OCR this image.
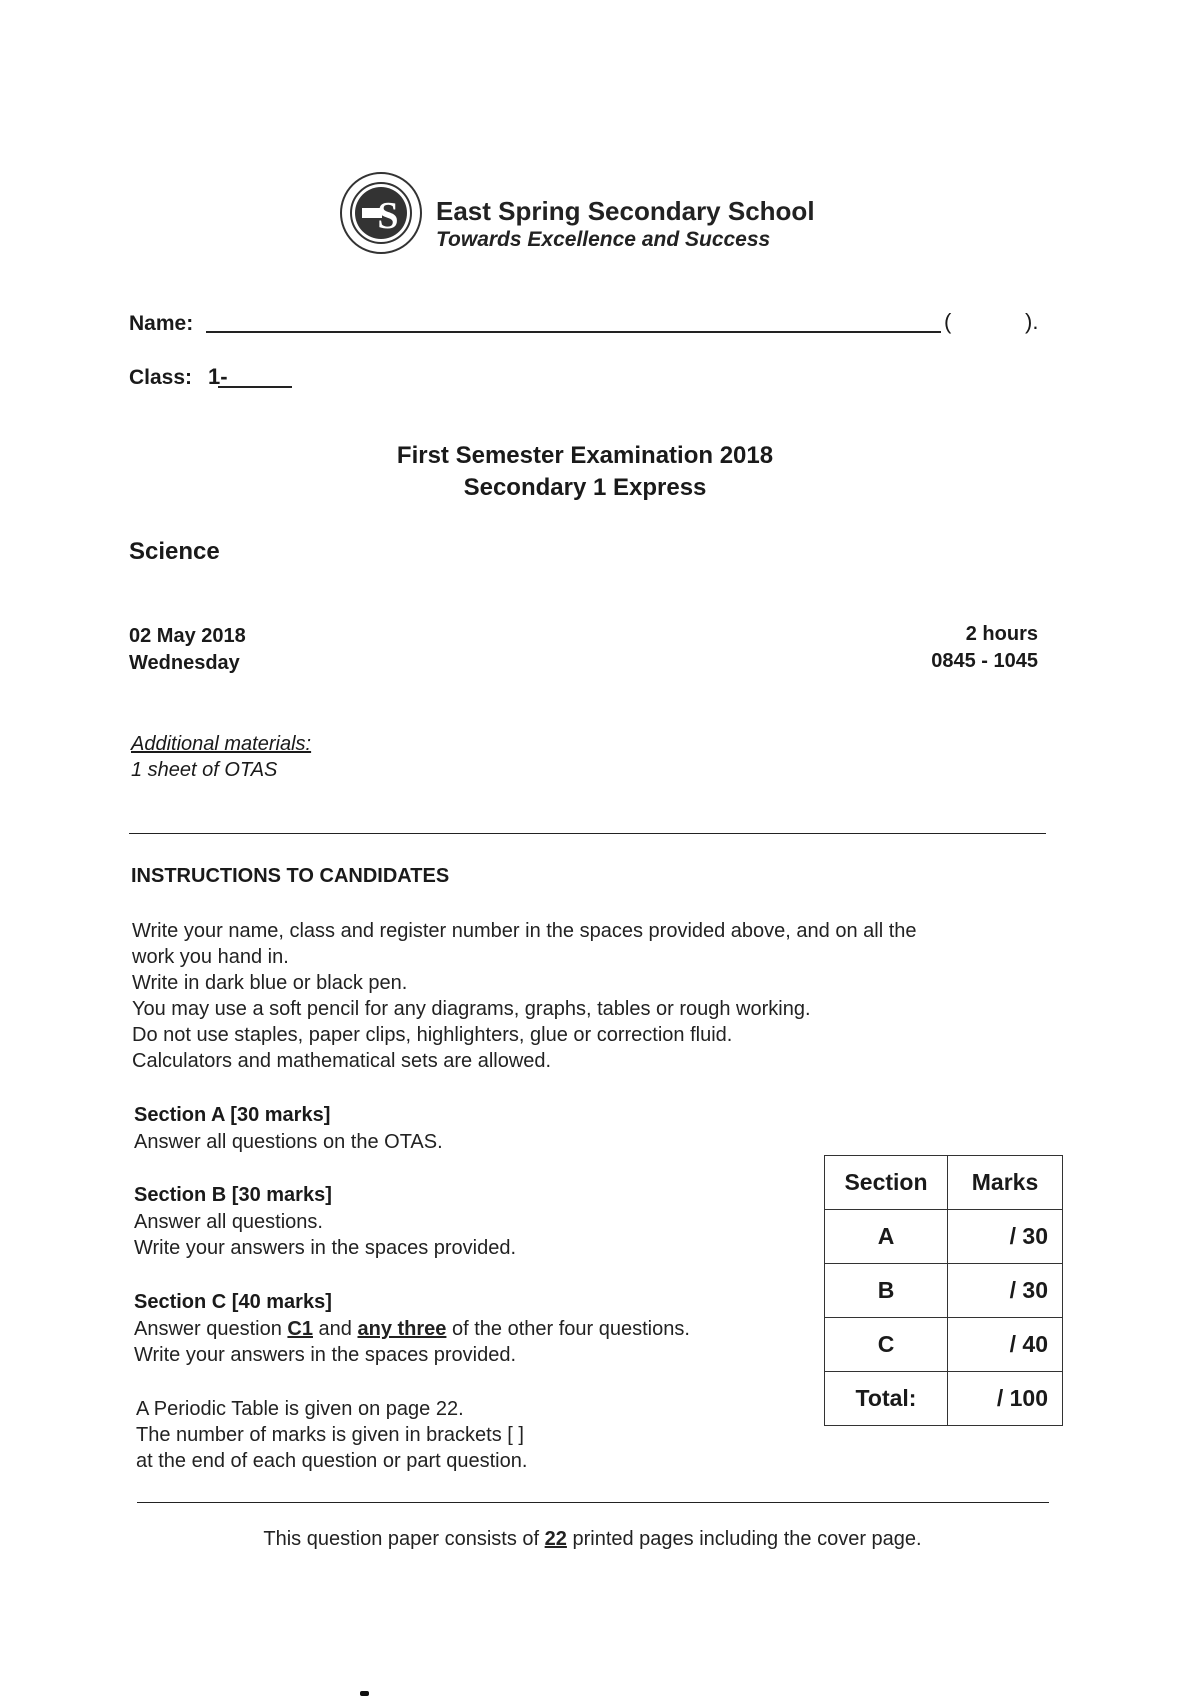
S East Spring Secondary School
Towards Excellence and Success
Name:	(	).
Class: 1-
First Semester Examination 2018
Secondary 1 Express
Science
02 May 2018
Wednesday
2 hours
0845 - 1045
Additional materials:
1 sheet of OTAS
INSTRUCTIONS TO CANDIDATES
Write your name, class and register number in the spaces provided above, and on all the
work you hand in.
Write in dark blue or black pen.
You may use a soft pencil for any diagrams, graphs, tables or rough working.
Do not use staples, paper clips, highlighters, glue or correction fluid.
Calculators and mathematical sets are allowed.
Section A [30 marks]
Answer all questions on the OTAS.
Section B [30 marks]
Answer all questions.
Write your answers in the spaces provided.
Section C [40 marks]
Answer question C1 and any three of the other four questions.
Write your answers in the spaces provided.
A Periodic Table is given on page 22.
The number of marks is given in brackets [ ]
at the end of each question or part question.
Section	Marks
A	/ 30
B	/ 30
C	/ 40
Total:	/ 100
This question paper consists of 22 printed pages including the cover page.
